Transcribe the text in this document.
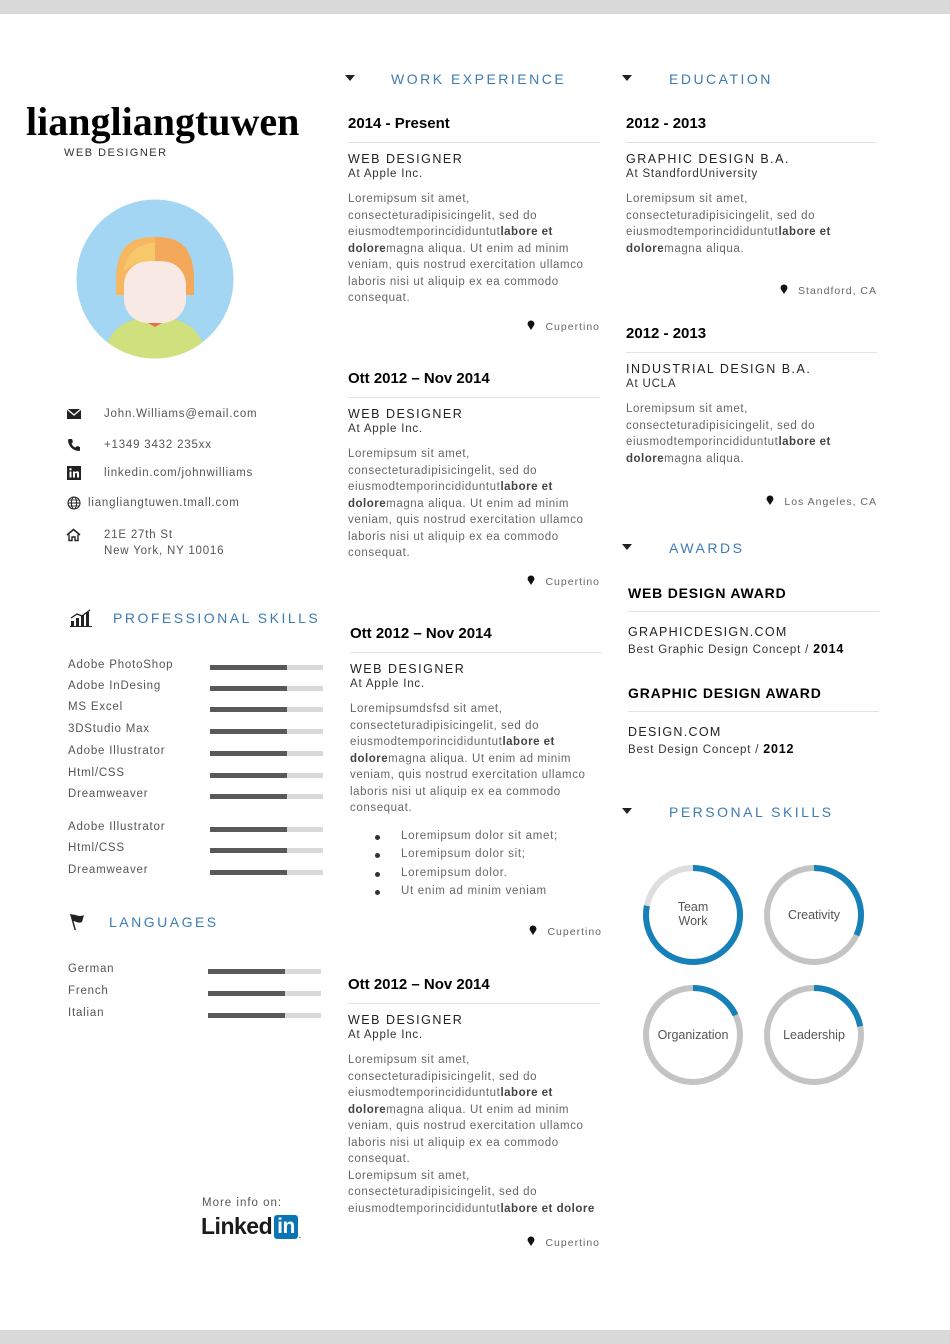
liangliangtuwen
WEB DESIGNER
John.Williams@email.com
+1349 3432 235xx
linkedin.com/johnwilliams
liangliangtuwen.tmall.com
21E 27th St
New York, NY 10016
PROFESSIONAL SKILLS
Adobe PhotoShop
Adobe InDesing
MS Excel
3DStudio Max
Adobe Illustrator
Html/CSS
Dreamweaver
Adobe Illustrator
Html/CSS
Dreamweaver
LANGUAGES
German
French
Italian
More info on:
Linked in .
WORK EXPERIENCE
2014 - Present
WEB DESIGNER
At Apple Inc.
Loremipsum sit amet, consecteturadipisicingelit, sed do eiusmodtemporincididuntutlabore et doloremagna aliqua. Ut enim ad minim veniam, quis nostrud exercitation ullamco laboris nisi ut aliquip ex ea commodo consequat.
Cupertino
Ott 2012 – Nov 2014
WEB DESIGNER
At Apple Inc.
Loremipsum sit amet, consecteturadipisicingelit, sed do eiusmodtemporincididuntutlabore et doloremagna aliqua. Ut enim ad minim veniam, quis nostrud exercitation ullamco laboris nisi ut aliquip ex ea commodo consequat.
Cupertino
Ott 2012 – Nov 2014
WEB DESIGNER
At Apple Inc.
Loremipsumdsfsd sit amet, consecteturadipisicingelit, sed do eiusmodtemporincididuntutlabore et doloremagna aliqua. Ut enim ad minim veniam, quis nostrud exercitation ullamco laboris nisi ut aliquip ex ea commodo consequat.
Loremipsum dolor sit amet;
Loremipsum dolor sit;
Loremipsum dolor.
Ut enim ad minim veniam
Cupertino
Ott 2012 – Nov 2014
WEB DESIGNER
At Apple Inc.
Loremipsum sit amet, consecteturadipisicingelit, sed do eiusmodtemporincididuntutlabore et doloremagna aliqua. Ut enim ad minim veniam, quis nostrud exercitation ullamco laboris nisi ut aliquip ex ea commodo consequat.
Loremipsum sit amet, consecteturadipisicingelit, sed do eiusmodtemporincididuntutlabore et dolore
Cupertino
EDUCATION
2012 - 2013
GRAPHIC DESIGN B.A.
At StandfordUniversity
Loremipsum sit amet, consecteturadipisicingelit, sed do eiusmodtemporincididuntutlabore et doloremagna aliqua.
Standford, CA
2012 - 2013
INDUSTRIAL DESIGN B.A.
At UCLA
Loremipsum sit amet, consecteturadipisicingelit, sed do eiusmodtemporincididuntutlabore et doloremagna aliqua.
Los Angeles, CA
AWARDS
WEB DESIGN AWARD
GRAPHICDESIGN.COM
Best Graphic Design Concept / 2014
GRAPHIC DESIGN AWARD
DESIGN.COM
Best Design Concept / 2012
PERSONAL SKILLS
Team
Work	Creativity
Organization	Leadership
